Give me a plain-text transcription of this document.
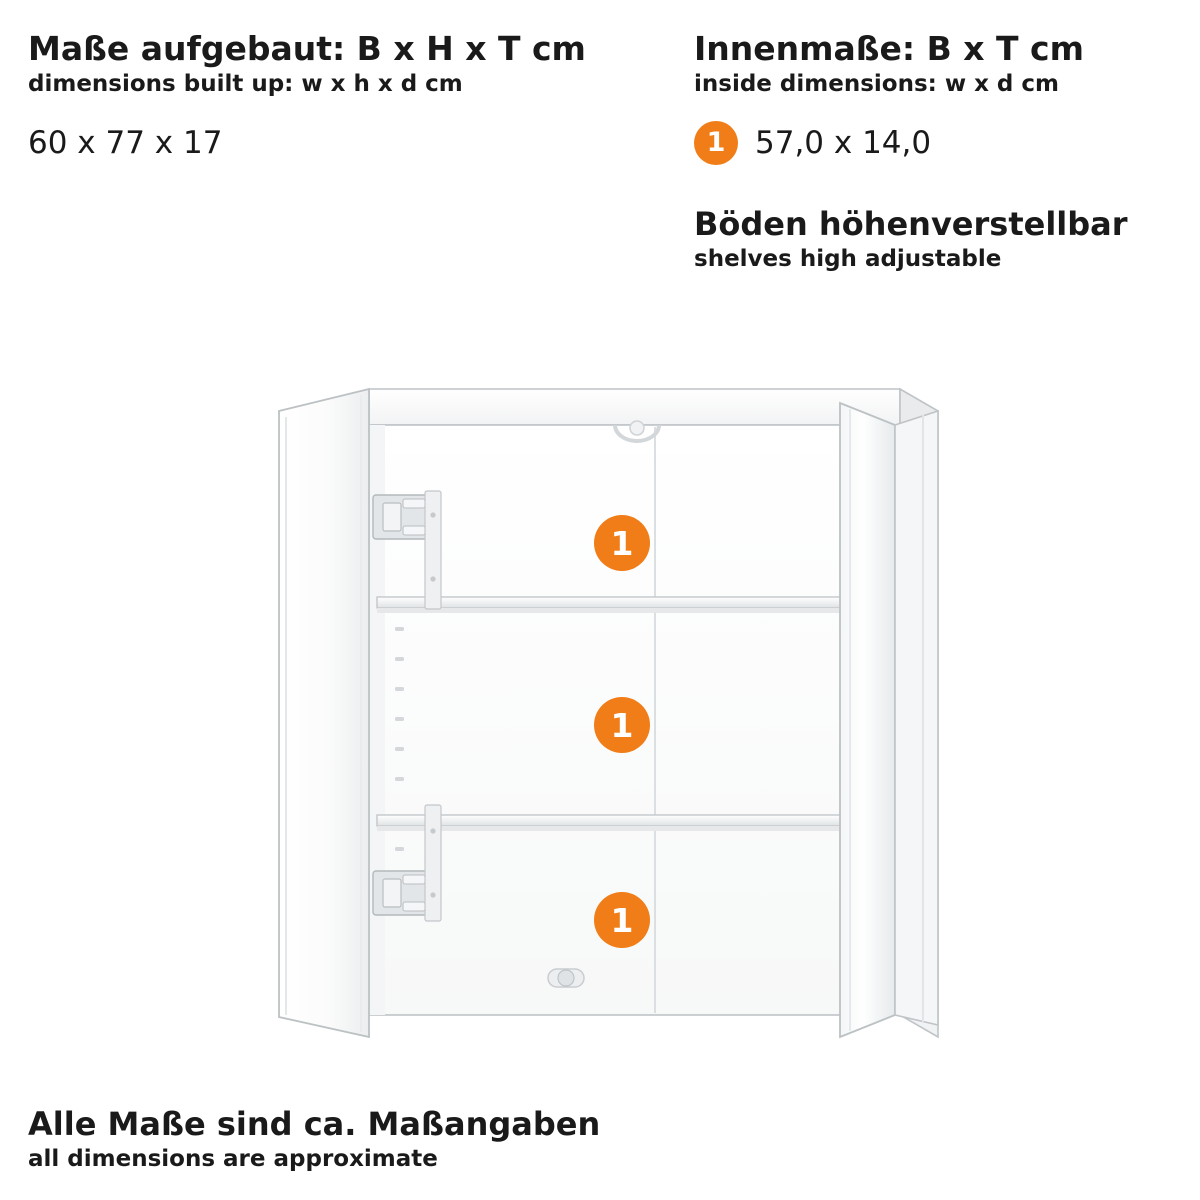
Maße aufgebaut: B x H x T cm
dimensions built up: w x h x d cm
60 x 77 x 17
Innenmaße: B x T cm
inside dimensions: w x d cm
1 57,0 x 14,0
Böden höhenverstellbar
shelves high adjustable
1
1
1
Alle Maße sind ca. Maßangaben
all dimensions are approximate
